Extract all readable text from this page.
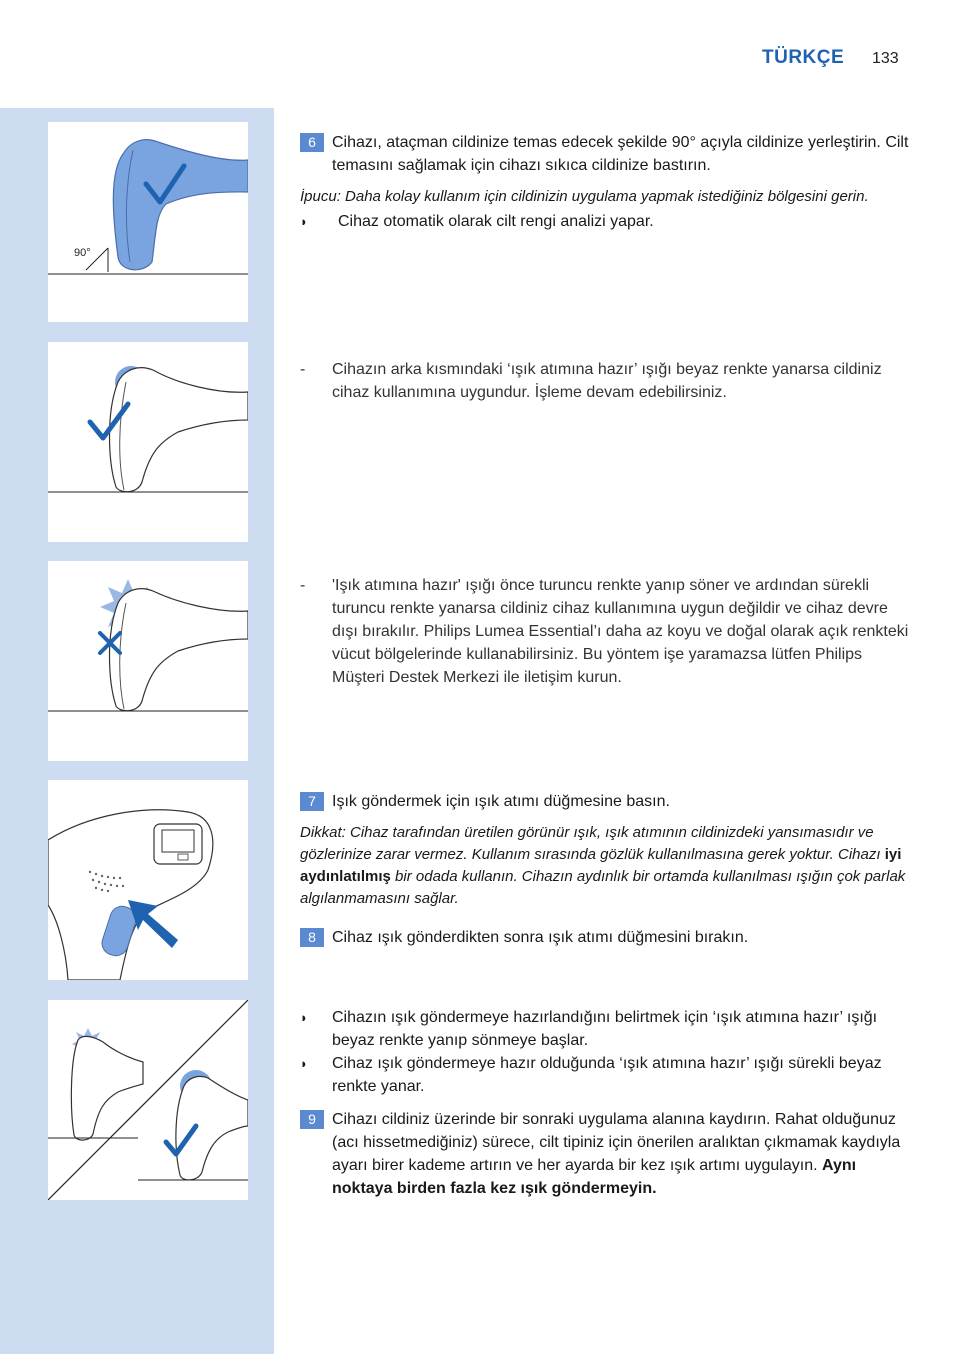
TÜRKÇE 133
90°
6	Cihazı, ataçman cildinize temas edecek şekilde 90° açıyla cildinize yerleştirin. Cilt temasını sağlamak için cihazı sıkıca cildinize bastırın.
İpucu: Daha kolay kullanım için cildinizin uygulama yapmak istediğiniz bölgesini gerin.
◗ Cihaz otomatik olarak cilt rengi analizi yapar.
- Cihazın arka kısmındaki ‘ışık atımına hazır’ ışığı beyaz renkte yanarsa cildiniz cihaz kullanımına uygundur. İşleme devam edebilirsiniz.
- 'Işık atımına hazır' ışığı önce turuncu renkte yanıp söner ve ardından sürekli turuncu renkte yanarsa cildiniz cihaz kullanımına uygun değildir ve cihaz devre dışı bırakılır. Philips Lumea Essential’ı daha az koyu ve doğal olarak açık renkteki vücut bölgelerinde kullanabilirsiniz. Bu yöntem işe yaramazsa lütfen Philips Müşteri Destek Merkezi ile iletişim kurun.
7	Işık göndermek için ışık atımı düğmesine basın.
Dikkat: Cihaz tarafından üretilen görünür ışık, ışık atımının cildinizdeki yansımasıdır ve gözlerinize zarar vermez. Kullanım sırasında gözlük kullanılmasına gerek yoktur. Cihazı iyi aydınlatılmış bir odada kullanın. Cihazın aydınlık bir ortamda kullanılması ışığın çok parlak algılanmamasını sağlar.
8	Cihaz ışık gönderdikten sonra ışık atımı düğmesini bırakın.
◗ Cihazın ışık göndermeye hazırlandığını belirtmek için ‘ışık atımına hazır’ ışığı beyaz renkte yanıp sönmeye başlar.
◗ Cihaz ışık göndermeye hazır olduğunda ‘ışık atımına hazır’ ışığı sürekli beyaz renkte yanar.
9	Cihazı cildiniz üzerinde bir sonraki uygulama alanına kaydırın. Rahat olduğunuz (acı hissetmediğiniz) sürece, cilt tipiniz için önerilen aralıktan çıkmamak kaydıyla ayarı birer kademe artırın ve her ayarda bir kez ışık artımı uygulayın. Aynı noktaya birden fazla kez ışık göndermeyin.
